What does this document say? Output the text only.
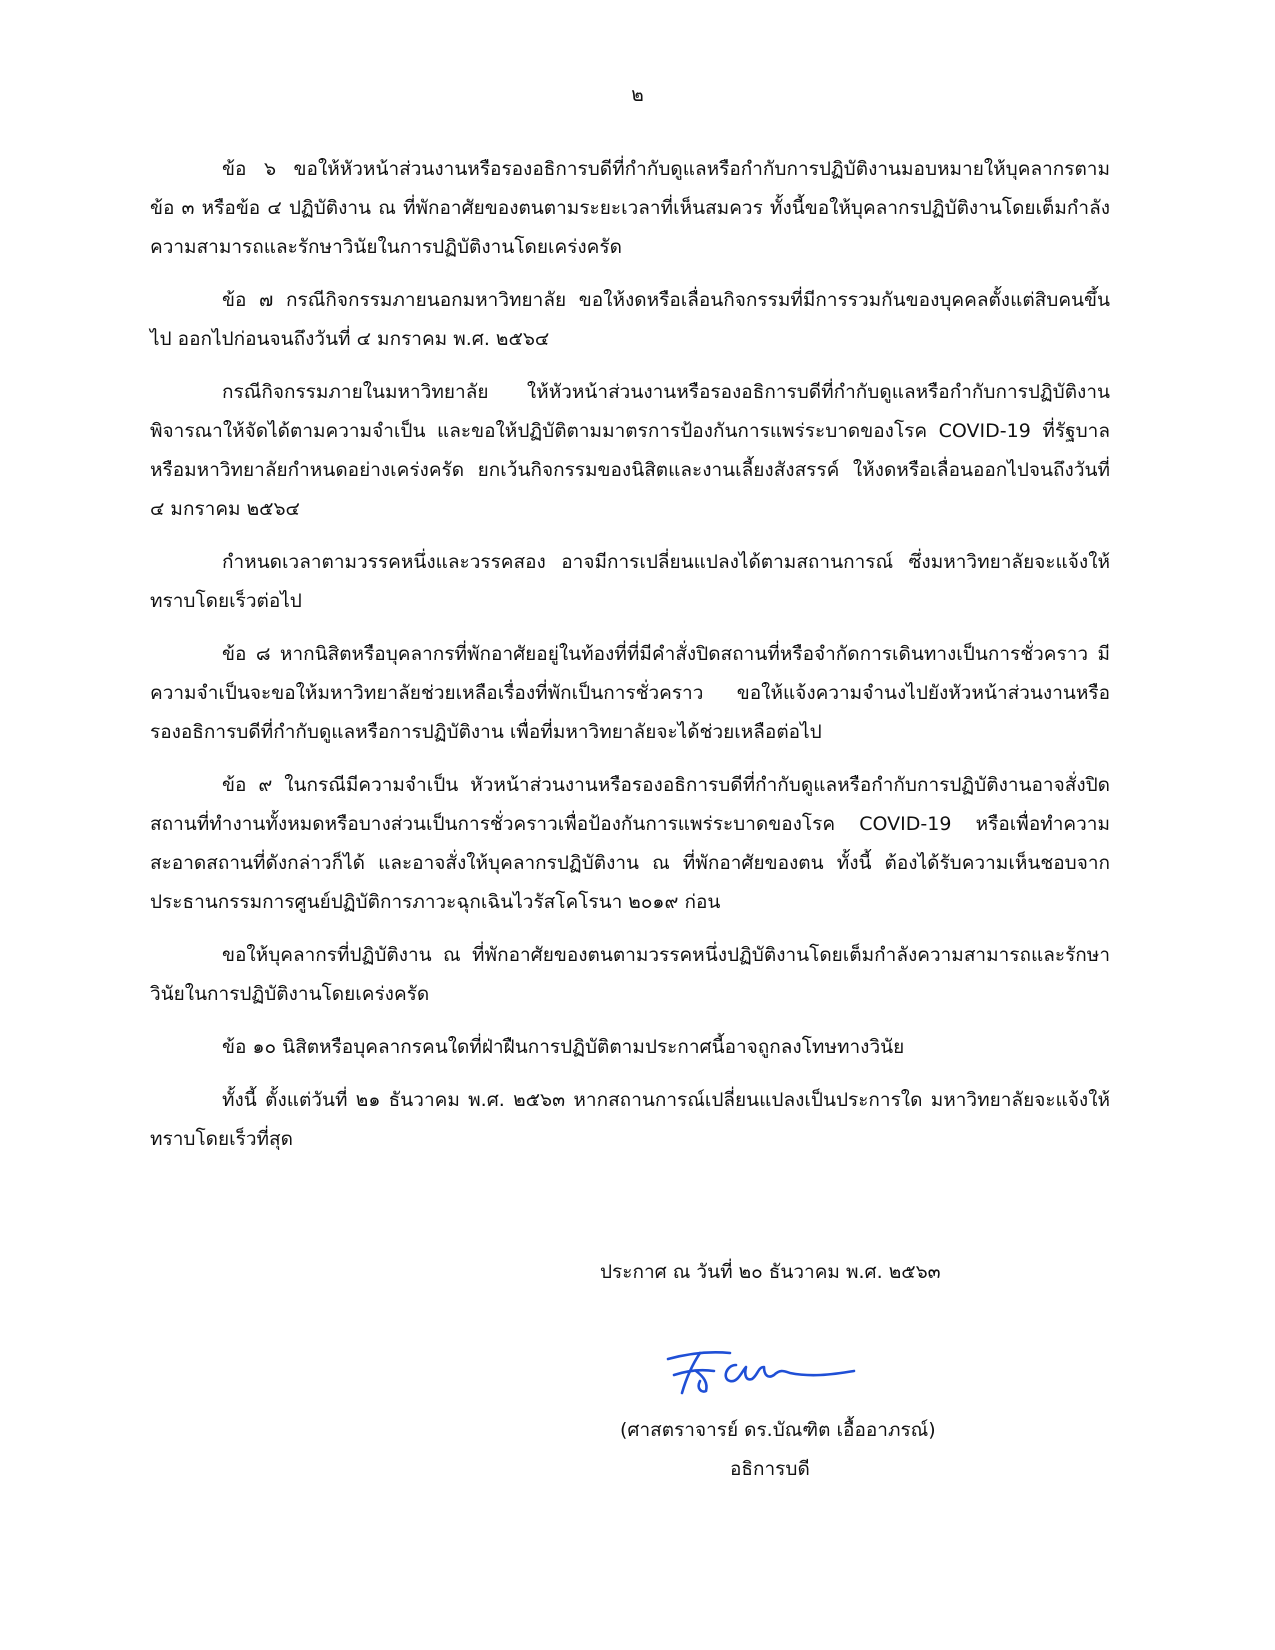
๒

ข้อ ๖ ขอให้หัวหน้าส่วนงานหรือรองอธิการบดีที่กำกับดูแลหรือกำกับการปฏิบัติงานมอบหมายให้บุคลากรตาม ข้อ ๓ หรือข้อ ๔ ปฏิบัติงาน ณ ที่พักอาศัยของตนตามระยะเวลาที่เห็นสมควร ทั้งนี้ขอให้บุคลากรปฏิบัติงานโดยเต็มกำลังความสามารถและรักษาวินัยในการปฏิบัติงานโดยเคร่งครัด

ข้อ ๗ กรณีกิจกรรมภายนอกมหาวิทยาลัย ขอให้งดหรือเลื่อนกิจกรรมที่มีการรวมกันของบุคคลตั้งแต่สิบคนขึ้นไป ออกไปก่อนจนถึงวันที่ ๔ มกราคม พ.ศ. ๒๕๖๔

กรณีกิจกรรมภายในมหาวิทยาลัย ให้หัวหน้าส่วนงานหรือรองอธิการบดีที่กำกับดูแลหรือกำกับการปฏิบัติงาน พิจารณาให้จัดได้ตามความจำเป็น และขอให้ปฏิบัติตามมาตรการป้องกันการแพร่ระบาดของโรค COVID-19 ที่รัฐบาลหรือมหาวิทยาลัยกำหนดอย่างเคร่งครัด ยกเว้นกิจกรรมของนิสิตและงานเลี้ยงสังสรรค์ ให้งดหรือเลื่อนออกไปจนถึงวันที่ ๔ มกราคม ๒๕๖๔

กำหนดเวลาตามวรรคหนึ่งและวรรคสอง อาจมีการเปลี่ยนแปลงได้ตามสถานการณ์ ซึ่งมหาวิทยาลัยจะแจ้งให้ทราบโดยเร็วต่อไป

ข้อ ๘ หากนิสิตหรือบุคลากรที่พักอาศัยอยู่ในท้องที่ที่มีคำสั่งปิดสถานที่หรือจำกัดการเดินทางเป็นการชั่วคราว มีความจำเป็นจะขอให้มหาวิทยาลัยช่วยเหลือเรื่องที่พักเป็นการชั่วคราว ขอให้แจ้งความจำนงไปยังหัวหน้าส่วนงานหรือรองอธิการบดีที่กำกับดูแลหรือการปฏิบัติงาน เพื่อที่มหาวิทยาลัยจะได้ช่วยเหลือต่อไป

ข้อ ๙ ในกรณีมีความจำเป็น หัวหน้าส่วนงานหรือรองอธิการบดีที่กำกับดูแลหรือกำกับการปฏิบัติงานอาจสั่งปิดสถานที่ทำงานทั้งหมดหรือบางส่วนเป็นการชั่วคราวเพื่อป้องกันการแพร่ระบาดของโรค COVID-19 หรือเพื่อทำความสะอาดสถานที่ดังกล่าวก็ได้ และอาจสั่งให้บุคลากรปฏิบัติงาน ณ ที่พักอาศัยของตน ทั้งนี้ ต้องได้รับความเห็นชอบจากประธานกรรมการศูนย์ปฏิบัติการภาวะฉุกเฉินไวรัสโคโรนา ๒๐๑๙ ก่อน

ขอให้บุคลากรที่ปฏิบัติงาน ณ ที่พักอาศัยของตนตามวรรคหนึ่งปฏิบัติงานโดยเต็มกำลังความสามารถและรักษาวินัยในการปฏิบัติงานโดยเคร่งครัด

ข้อ ๑๐ นิสิตหรือบุคลากรคนใดที่ฝ่าฝืนการปฏิบัติตามประกาศนี้อาจถูกลงโทษทางวินัย

ทั้งนี้ ตั้งแต่วันที่ ๒๑ ธันวาคม พ.ศ. ๒๕๖๓ หากสถานการณ์เปลี่ยนแปลงเป็นประการใด มหาวิทยาลัยจะแจ้งให้ทราบโดยเร็วที่สุด

ประกาศ ณ วันที่ ๒๐ ธันวาคม พ.ศ. ๒๕๖๓
(ศาสตราจารย์ ดร.บัณฑิต เอื้ออาภรณ์)
อธิการบดี
